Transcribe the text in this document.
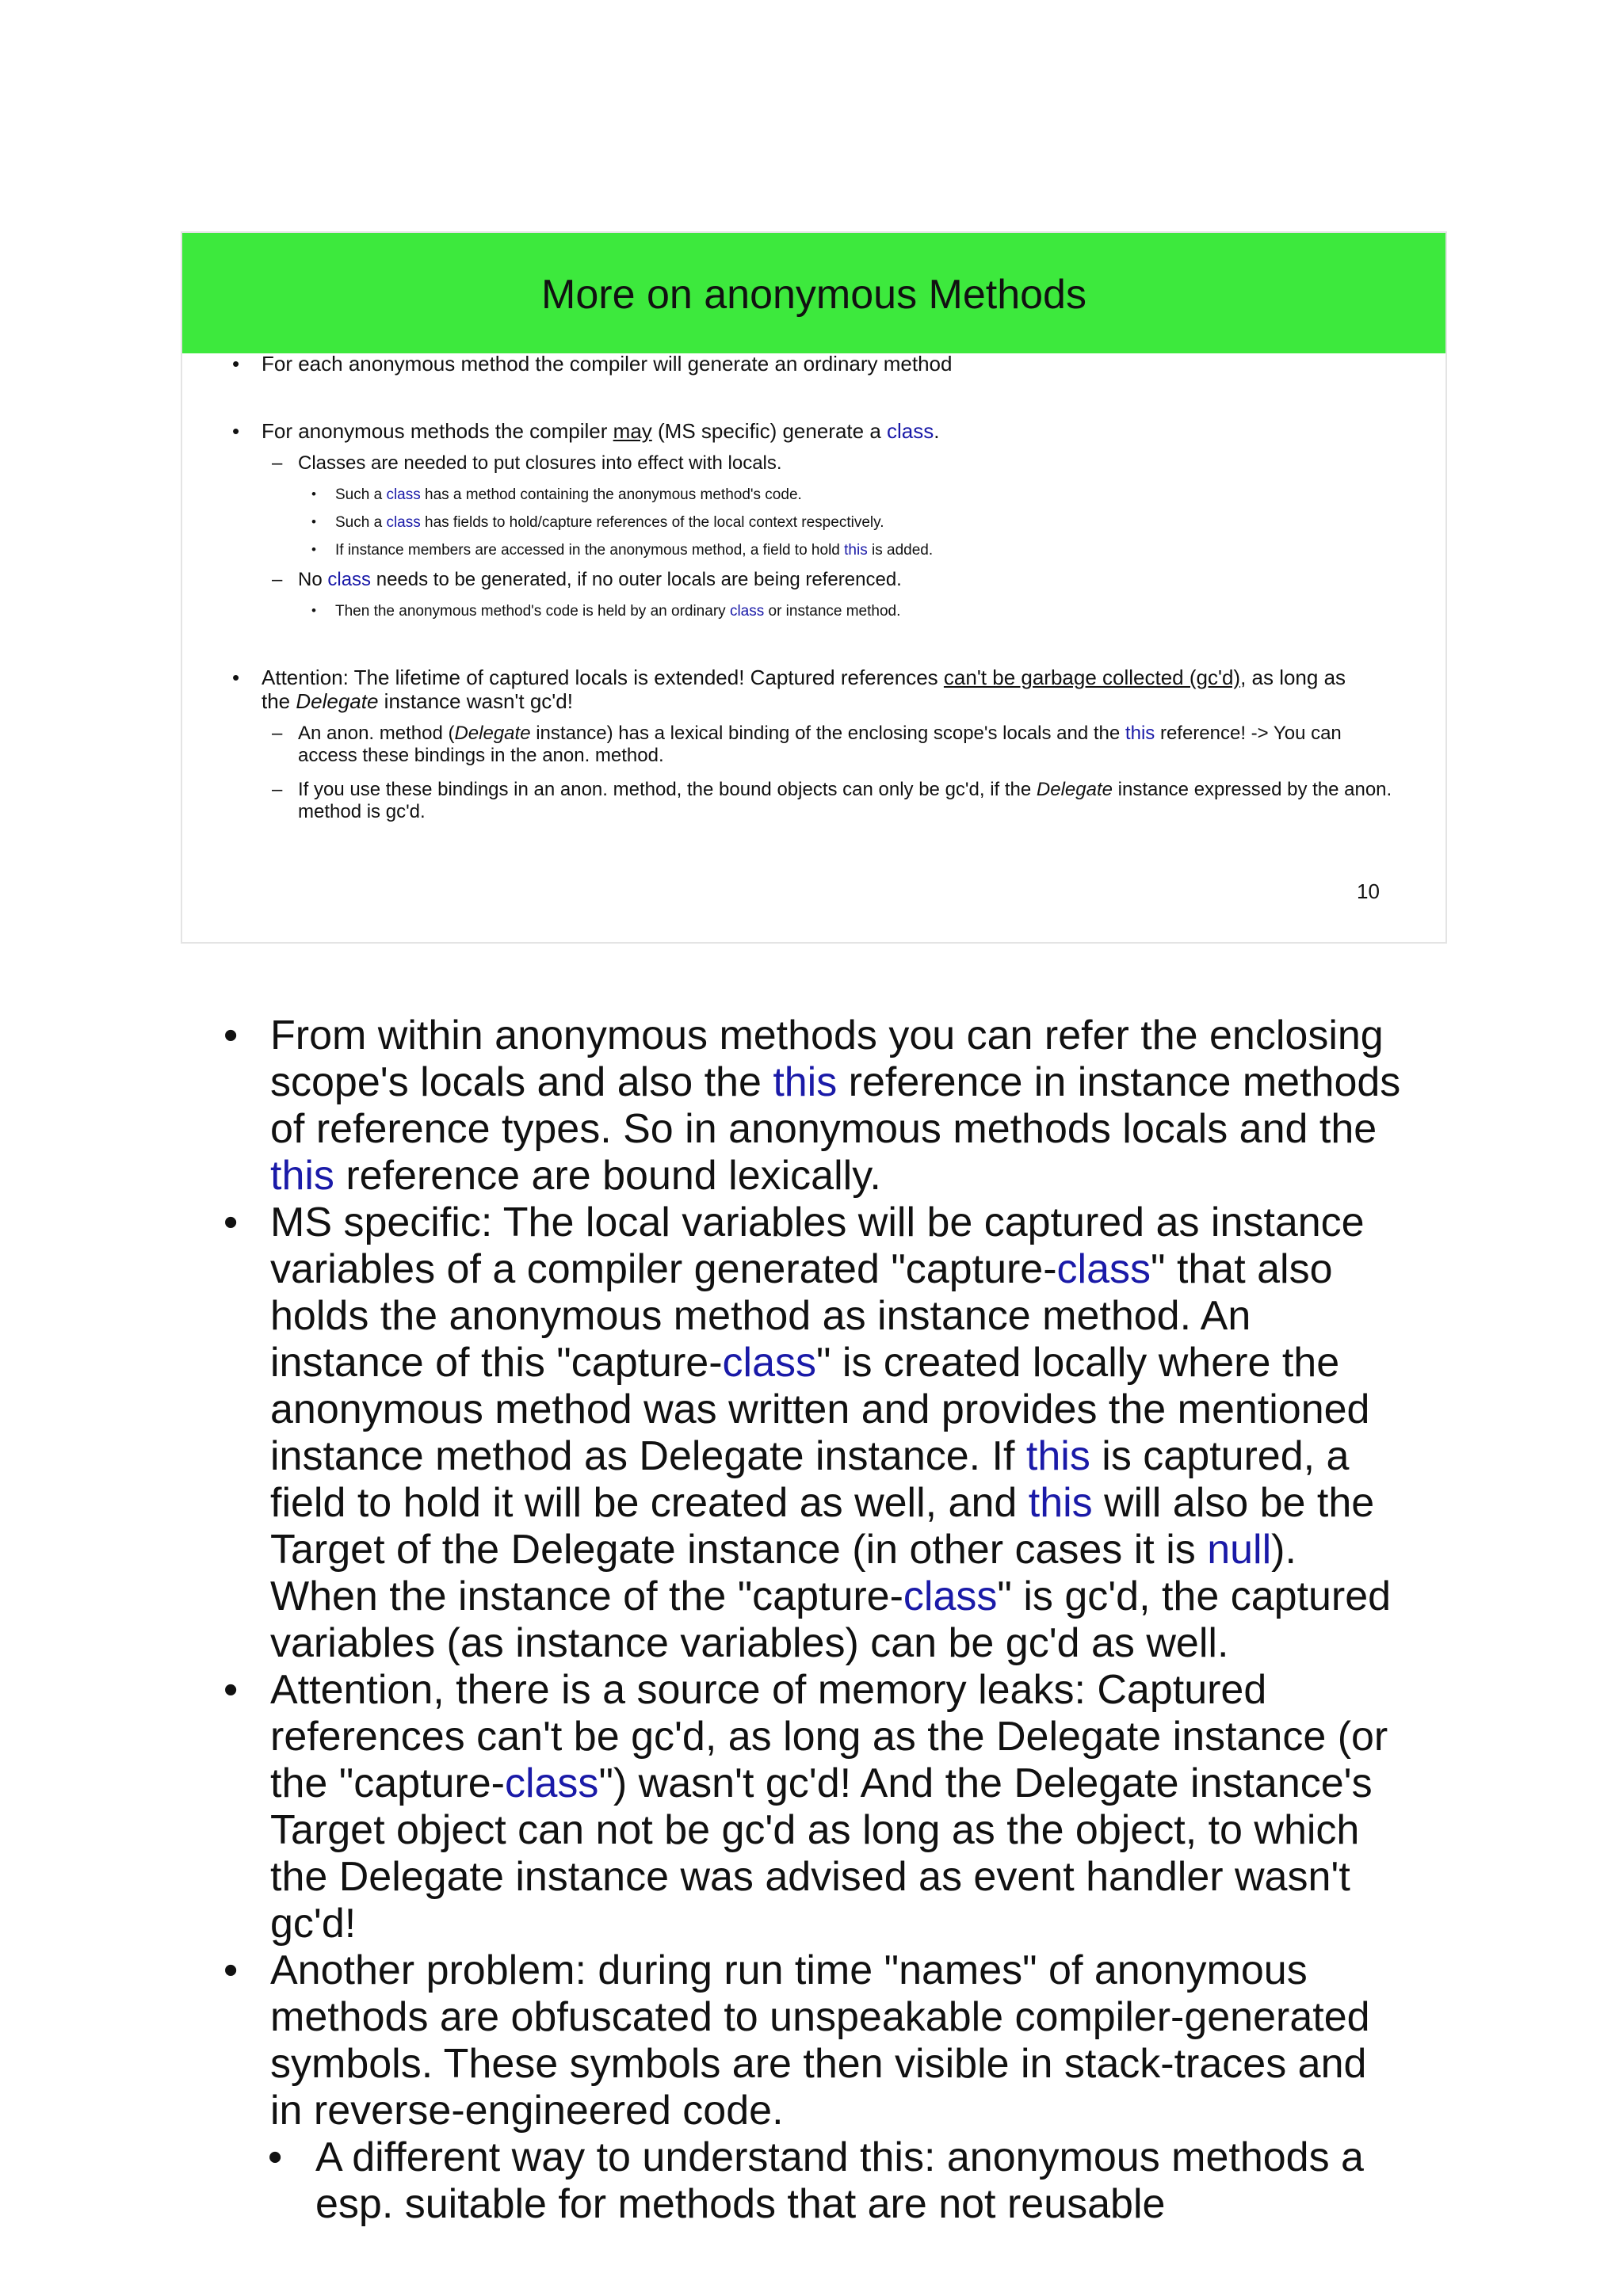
More on anonymous Methods
• For each anonymous method the compiler will generate an ordinary method
• For anonymous methods the compiler may (MS specific) generate a class.
– Classes are needed to put closures into effect with locals.
• Such a class has a method containing the anonymous method's code.
• Such a class has fields to hold/capture references of the local context respectively.
• If instance members are accessed in the anonymous method, a field to hold this is added.
– No class needs to be generated, if no outer locals are being referenced.
• Then the anonymous method's code is held by an ordinary class or instance method.
• Attention: The lifetime of captured locals is extended! Captured references can't be garbage collected (gc'd), as long as
the Delegate instance wasn't gc'd!
– An anon. method (Delegate instance) has a lexical binding of the enclosing scope's locals and the this reference! -> You can
access these bindings in the anon. method.
– If you use these bindings in an anon. method, the bound objects can only be gc'd, if the Delegate instance expressed by the anon.
method is gc'd.
10
• From within anonymous methods you can refer the enclosing
scope's locals and also the this reference in instance methods
of reference types. So in anonymous methods locals and the
this reference are bound lexically.
• MS specific: The local variables will be captured as instance
variables of a compiler generated "capture-class" that also
holds the anonymous method as instance method. An
instance of this "capture-class" is created locally where the
anonymous method was written and provides the mentioned
instance method as Delegate instance. If this is captured, a
field to hold it will be created as well, and this will also be the
Target of the Delegate instance (in other cases it is null).
When the instance of the "capture-class" is gc'd, the captured
variables (as instance variables) can be gc'd as well.
• Attention, there is a source of memory leaks: Captured
references can't be gc'd, as long as the Delegate instance (or
the "capture-class") wasn't gc'd! And the Delegate instance's
Target object can not be gc'd as long as the object, to which
the Delegate instance was advised as event handler wasn't
gc'd!
• Another problem: during run time "names" of anonymous
methods are obfuscated to unspeakable compiler-generated
symbols. These symbols are then visible in stack-traces and
in reverse-engineered code.
• A different way to understand this: anonymous methods a
esp. suitable for methods that are not reusable
